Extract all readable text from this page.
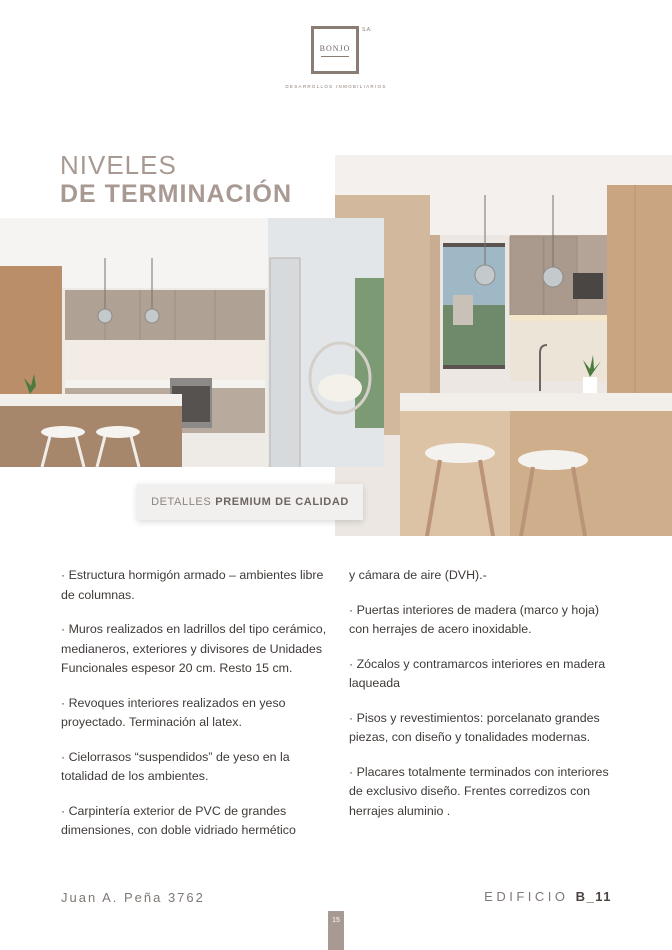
BONJO
S.A.
DESARROLLOS INMOBILIARIOS
NIVELES
DE TERMINACIÓN
DETALLES PREMIUM DE CALIDAD

· Estructura hormigón armado – ambientes libre de columnas.

· Muros realizados en ladrillos del tipo cerámico, medianeros, exteriores y divisores de Unidades Funcionales espesor 20 cm. Resto 15 cm.

· Revoques interiores realizados en yeso proyectado. Terminación al latex.

· Cielorrasos “suspendidos” de yeso en la totalidad de los ambientes.

· Carpintería exterior de PVC de grandes dimensiones, con doble vidriado hermético

y cámara de aire (DVH).-

· Puertas interiores de madera (marco y hoja) con herrajes de acero inoxidable.

· Zócalos y contramarcos interiores en madera laqueada

· Pisos y revestimientos: porcelanato grandes piezas, con diseño y tonalidades modernas.

· Placares totalmente terminados con interiores de exclusivo diseño. Frentes corredizos con herrajes aluminio .

Juan A. Peña 3762	EDIFICIO B_11
15
